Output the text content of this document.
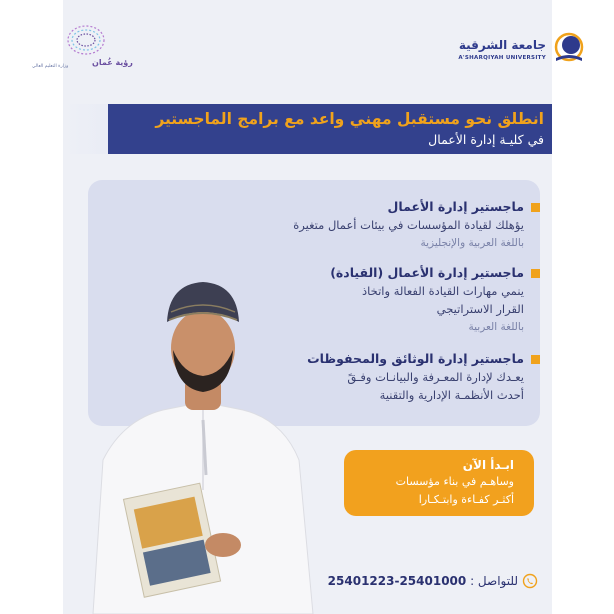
جامعة الشرقية
A'SHARQIYAH UNIVERSITY
رؤية عُمان
وزارة التعليم العالي
انطلق نحو مستقبل مهني واعد مع برامج الماجستير
في كليـة إدارة الأعمال
ماجستير إدارة الأعمال
يؤهلك لقيادة المؤسسات في بيئات أعمال متغيرة
باللغة العربية والإنجليزية
ماجستير إدارة الأعمال (القيادة)
ينمي مهارات القيادة الفعالة واتخاذ
القرار الاستراتيجي
باللغة العربية
ماجستير إدارة الوثائق والمحفوظات
يعـدك لإدارة المعـرفة والبيانـات وفـقً
أحدث الأنظمـة الإدارية والتقنية
ابـدأ الآن
وساهـم في بناء مؤسسات
أكثـر كفـاءة وابتـكـارا
للتواصل : 25401000-25401223
